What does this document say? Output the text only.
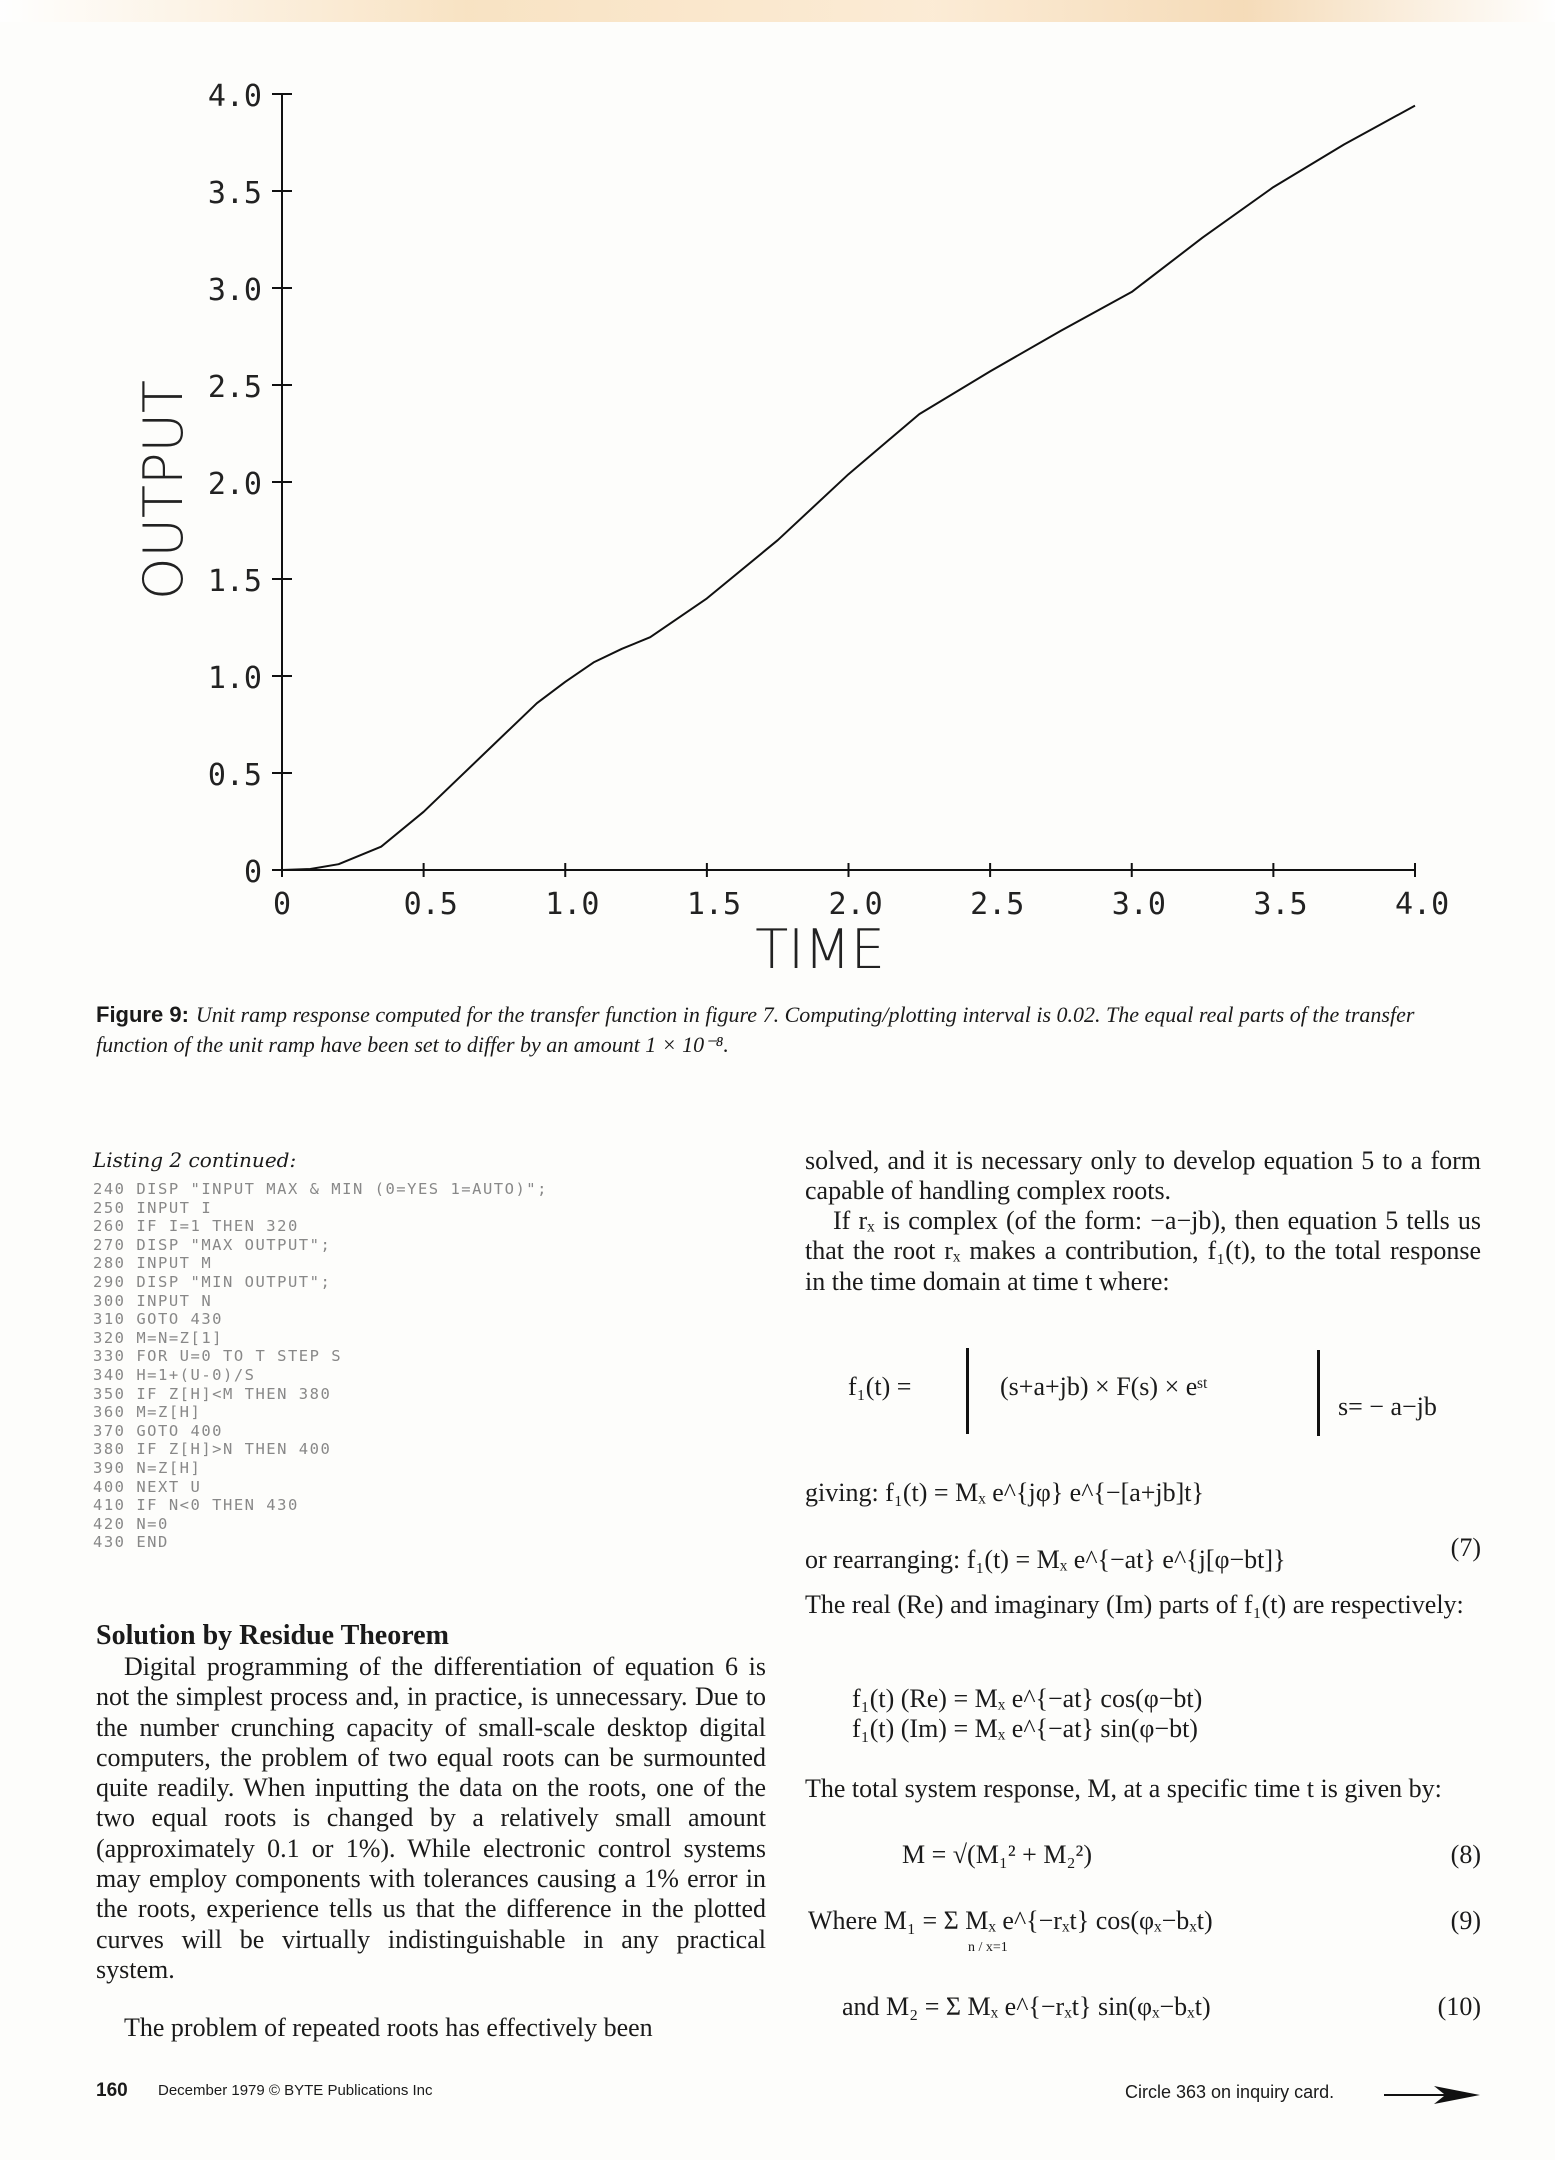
0	0.5	1.0	1.5	2.0	2.5	3.0	3.5	4.0
0
0.5
1.0
1.5
2.0
2.5
3.0
3.5
4.0
TIME
OUTPUT
Figure 9: Unit ramp response computed for the transfer function in figure 7. Computing/plotting interval is 0.02. The equal real parts of the transfer function of the unit ramp have been set to differ by an amount 1 × 10⁻⁸.
Listing 2 continued:
240 DISP "INPUT MAX & MIN (0=YES 1=AUTO)";
250 INPUT I
260 IF I=1 THEN 320
270 DISP "MAX OUTPUT";
280 INPUT M
290 DISP "MIN OUTPUT";
300 INPUT N
310 GOTO 430
320 M=N=Z[1]
330 FOR U=0 TO T STEP S
340 H=1+(U-0)/S
350 IF Z[H]<M THEN 380
360 M=Z[H]
370 GOTO 400
380 IF Z[H]>N THEN 400
390 N=Z[H]
400 NEXT U
410 IF N<0 THEN 430
420 N=0
430 END
Solution by Residue Theorem
Digital programming of the differentiation of equation 6 is not the simplest process and, in practice, is unnecessary. Due to the number crunching capacity of small-scale desktop digital computers, the problem of two equal roots can be surmounted quite readily. When inputting the data on the roots, one of the two equal roots is changed by a relatively small amount (approximately 0.1 or 1%). While electronic control systems may employ components with tolerances causing a 1% error in the roots, experience tells us that the difference in the plotted curves will be virtually indistinguishable in any practical system.
The problem of repeated roots has effectively been
solved, and it is necessary only to develop equation 5 to a form capable of handling complex roots.
If rₓ is complex (of the form: −a−jb), then equation 5 tells us that the root rₓ makes a contribution, f₁(t), to the total response in the time domain at time t where:
f₁(t) =	(s+a+jb) × F(s) × eˢᵗ
s= − a−jb
giving: f₁(t) = Mₓ e^{jφ} e^{−[a+jb]t}
or rearranging: f₁(t) = Mₓ e^{−at} e^{j[φ−bt]}	(7)
The real (Re) and imaginary (Im) parts of f₁(t) are respectively:
f₁(t) (Re) = Mₓ e^{−at} cos(φ−bt)
f₁(t) (Im) = Mₓ e^{−at} sin(φ−bt)
The total system response, M, at a specific time t is given by:
M = √(M₁² + M₂²)	(8)
Where M₁ = Σ Mₓ e^{−rₓt} cos(φₓ−bₓt)
n / x=1
(9)
and M₂ = Σ Mₓ e^{−rₓt} sin(φₓ−bₓt)	(10)
160 December 1979 © BYTE Publications Inc	Circle 363 on inquiry card.
